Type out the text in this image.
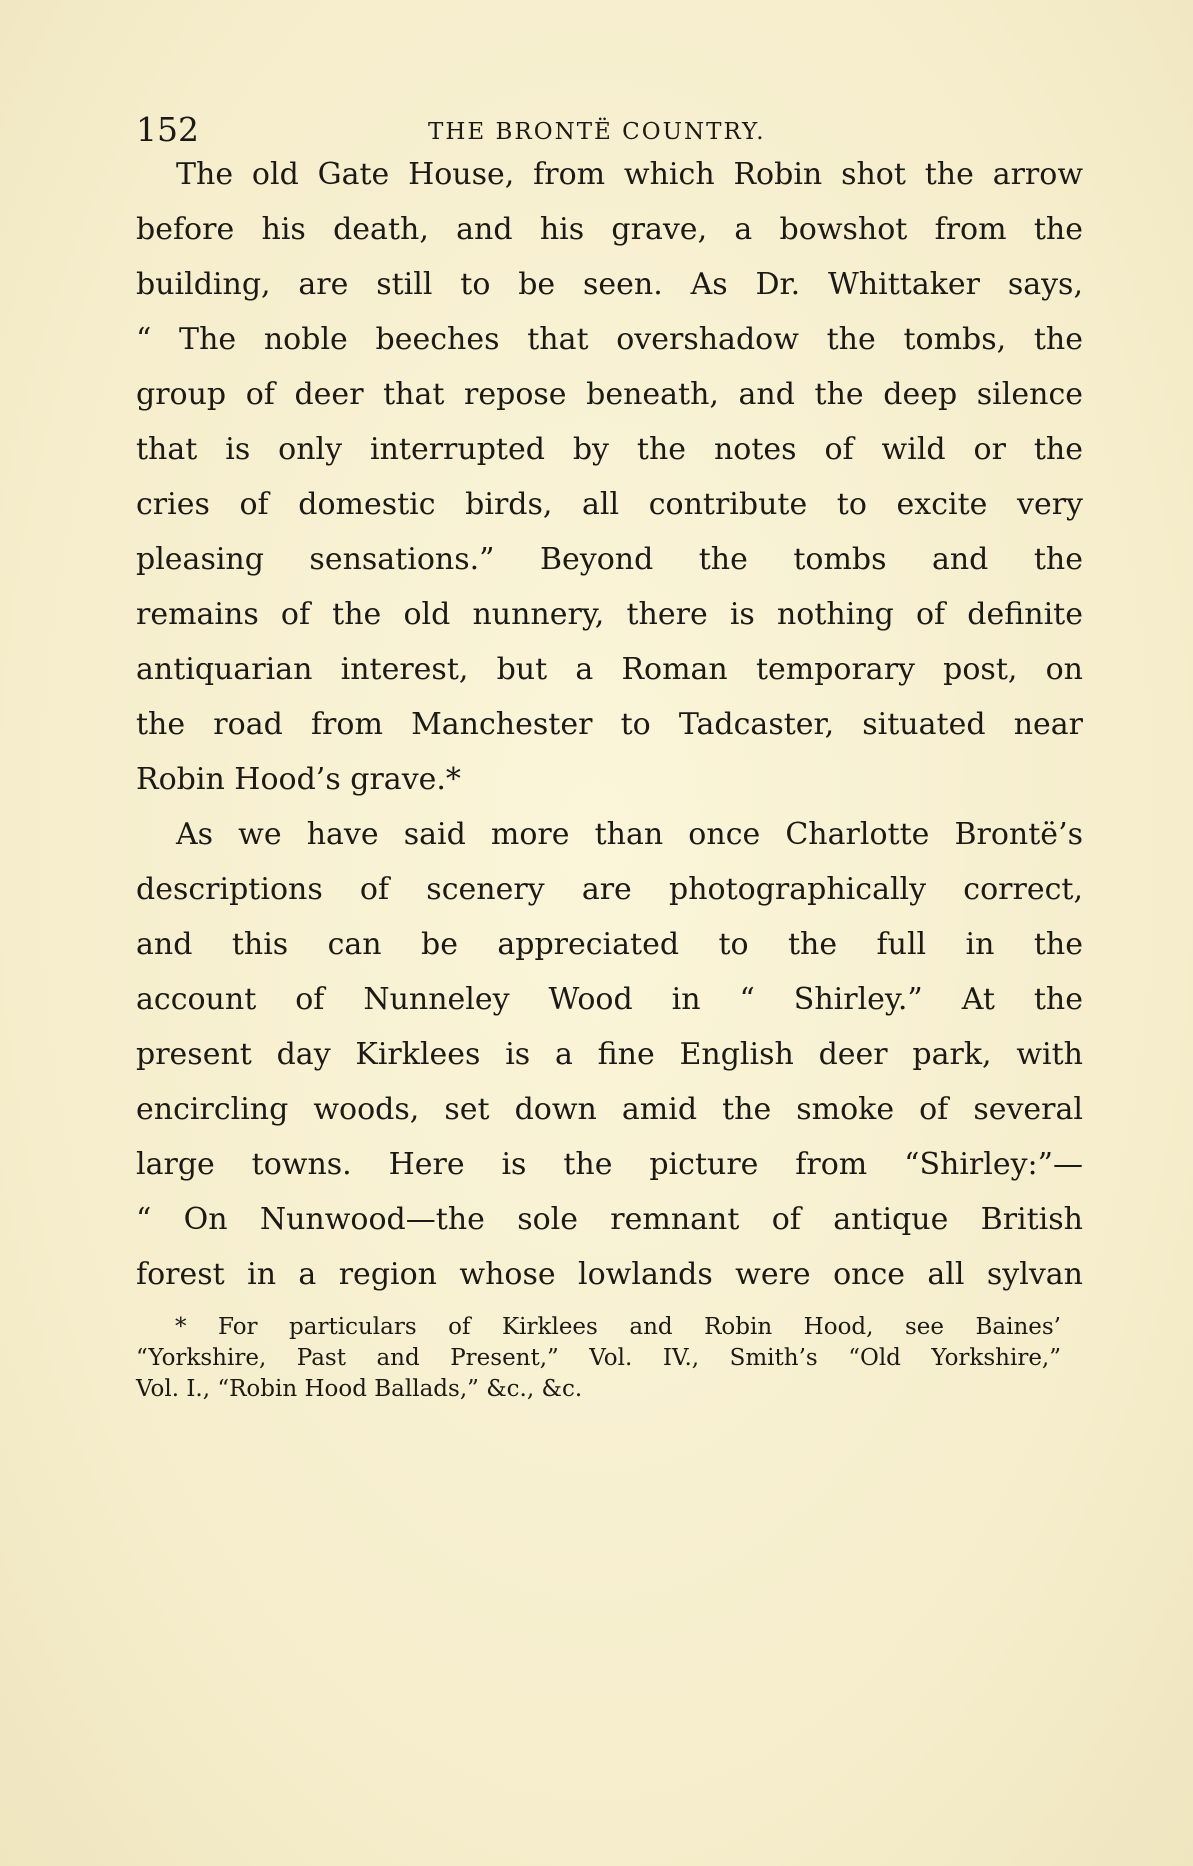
152	THE BRONTË COUNTRY.
The old Gate House, from which Robin shot the arrow
before his death, and his grave, a bowshot from the
building, are still to be seen. As Dr. Whittaker says,
“ The noble beeches that overshadow the tombs, the
group of deer that repose beneath, and the deep silence
that is only interrupted by the notes of wild or the
cries of domestic birds, all contribute to excite very
pleasing sensations.” Beyond the tombs and the
remains of the old nunnery, there is nothing of definite
antiquarian interest, but a Roman temporary post, on
the road from Manchester to Tadcaster, situated near
Robin Hood’s grave.*
As we have said more than once Charlotte Brontë’s
descriptions of scenery are photographically correct,
and this can be appreciated to the full in the
account of Nunneley Wood in “ Shirley.” At the
present day Kirklees is a fine English deer park, with
encircling woods, set down amid the smoke of several
large towns. Here is the picture from “Shirley:”—
“ On Nunwood—the sole remnant of antique British
forest in a region whose lowlands were once all sylvan
* For particulars of Kirklees and Robin Hood, see Baines’
“Yorkshire, Past and Present,” Vol. IV., Smith’s “Old Yorkshire,”
Vol. I., “Robin Hood Ballads,” &c., &c.
